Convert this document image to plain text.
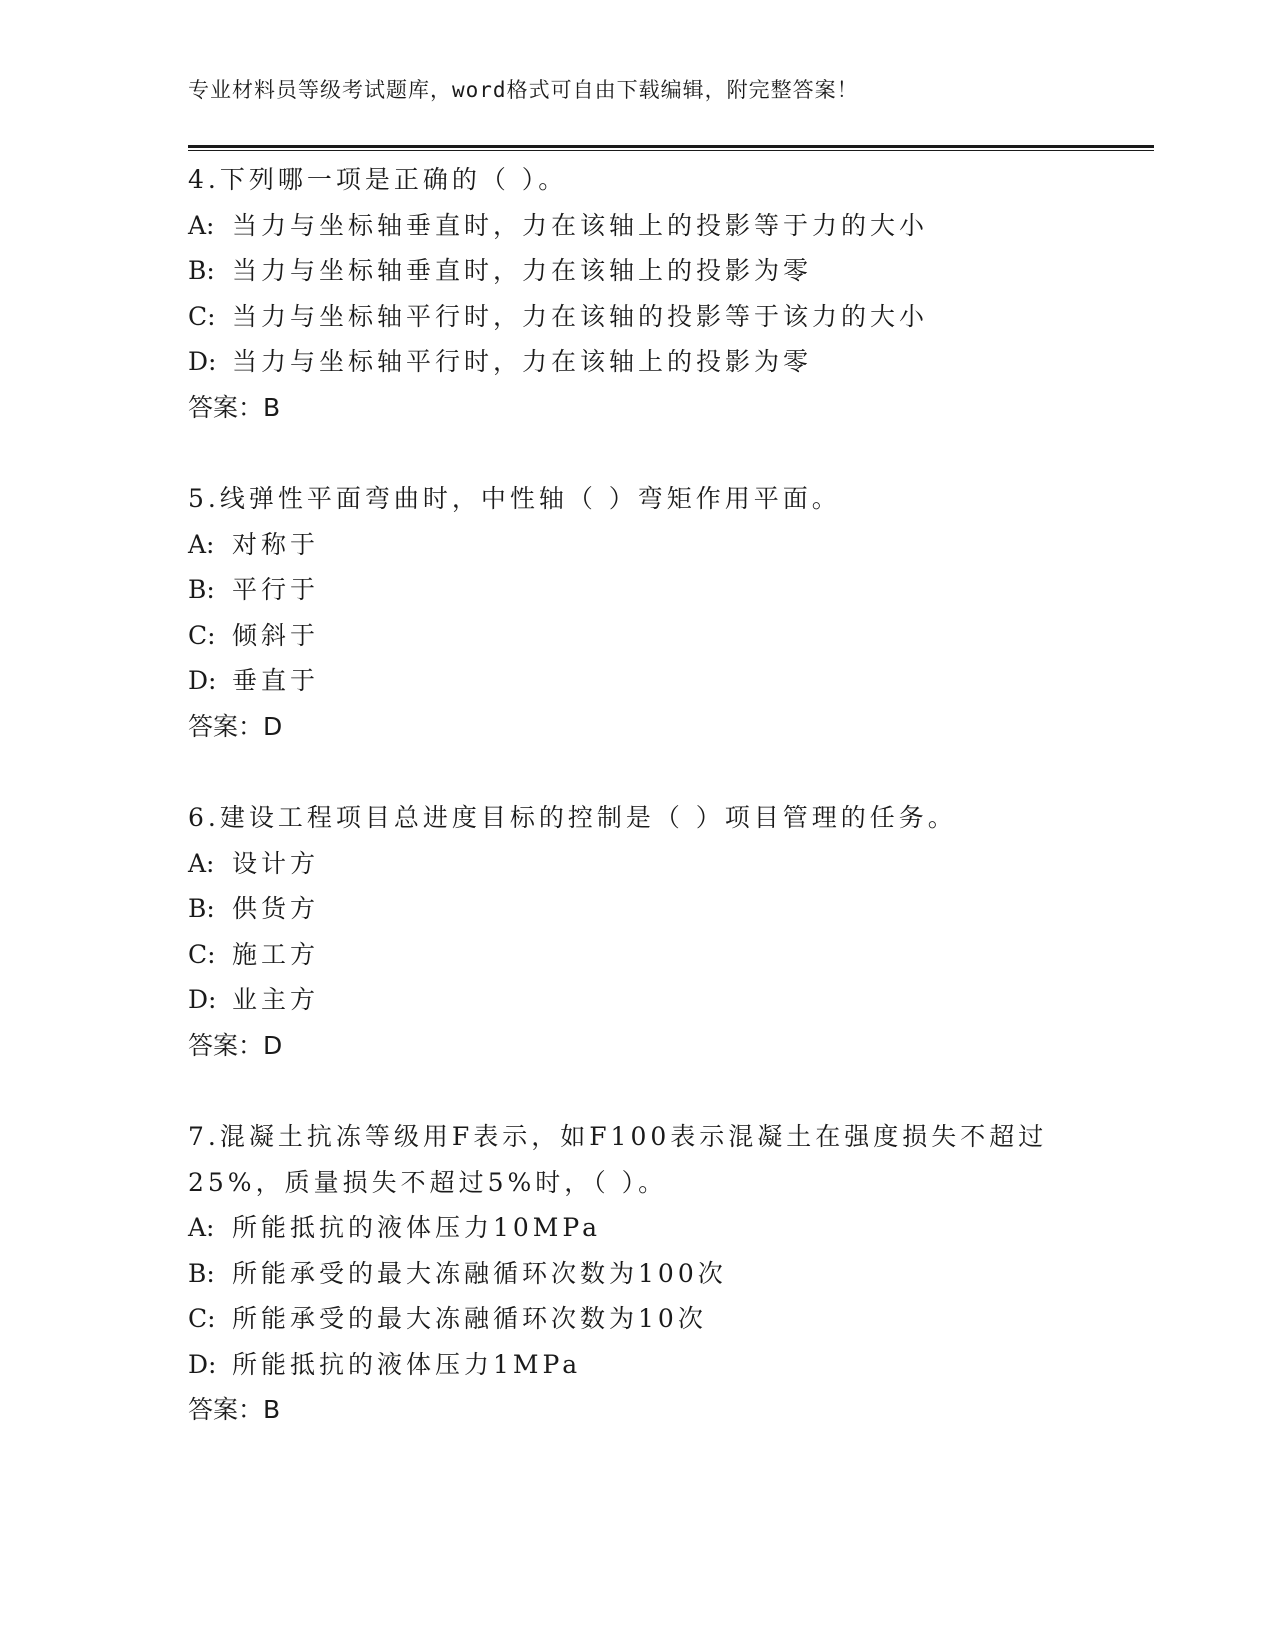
专业材料员等级考试题库，word格式可自由下载编辑，附完整答案！
4.下列哪一项是正确的（ ）。
A: 当力与坐标轴垂直时，力在该轴上的投影等于力的大小
B: 当力与坐标轴垂直时，力在该轴上的投影为零
C: 当力与坐标轴平行时，力在该轴的投影等于该力的大小
D: 当力与坐标轴平行时，力在该轴上的投影为零
答案：B
5.线弹性平面弯曲时，中性轴（ ）弯矩作用平面。
A: 对称于
B: 平行于
C: 倾斜于
D: 垂直于
答案：D
6.建设工程项目总进度目标的控制是（ ）项目管理的任务。
A: 设计方
B: 供货方
C: 施工方
D: 业主方
答案：D
7.混凝土抗冻等级用F表示，如F100表示混凝土在强度损失不超过
25%，质量损失不超过5%时，（ ）。
A: 所能抵抗的液体压力10MPa
B: 所能承受的最大冻融循环次数为100次
C: 所能承受的最大冻融循环次数为10次
D: 所能抵抗的液体压力1MPa
答案：B
